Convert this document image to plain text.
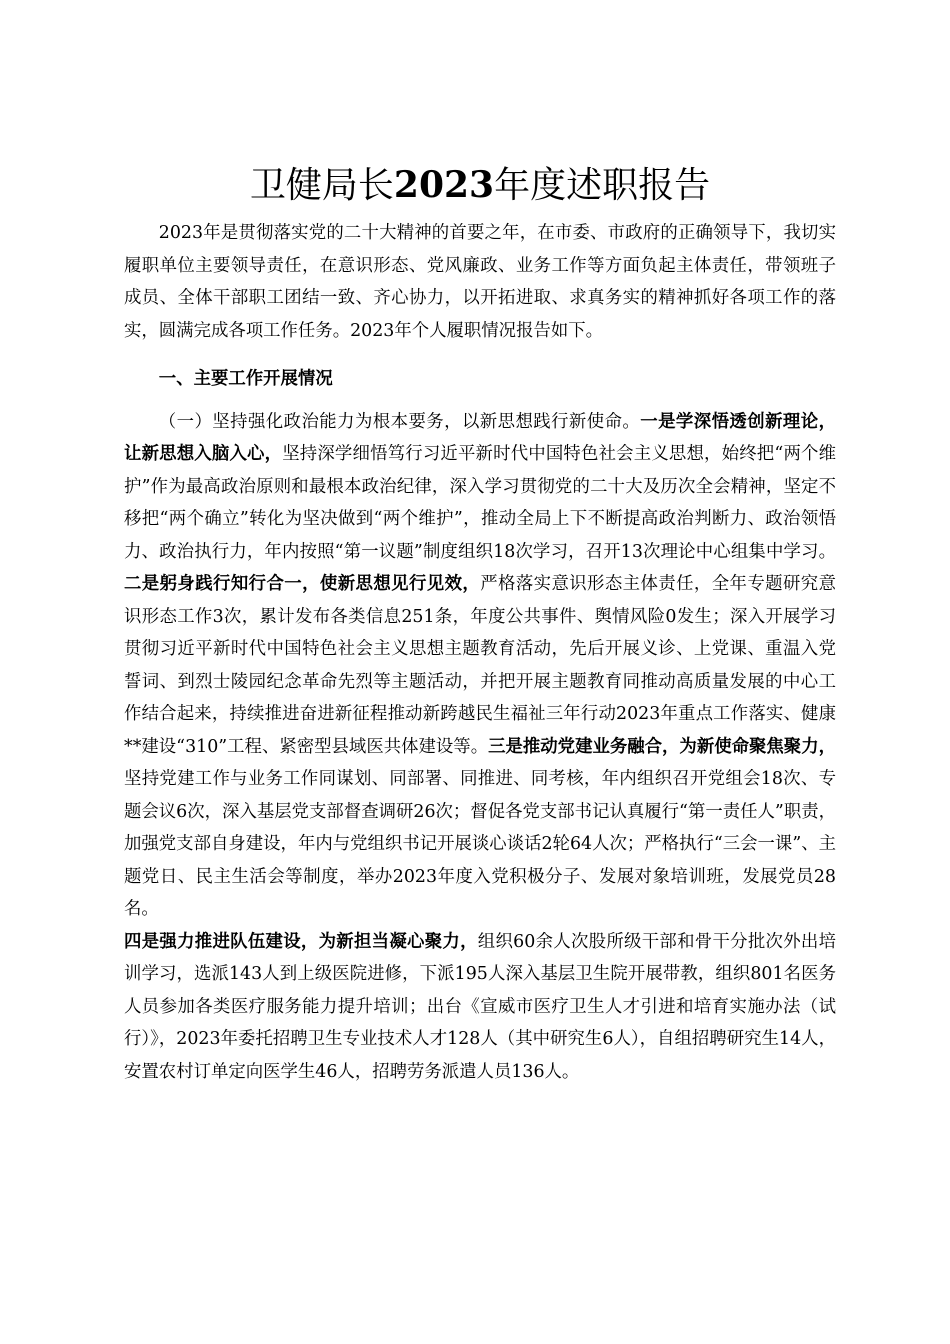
卫健局长2023年度述职报告

2023年是贯彻落实党的二十大精神的首要之年，在市委、市政府的正确领导下，我切实履职单位主要领导责任，在意识形态、党风廉政、业务工作等方面负起主体责任，带领班子成员、全体干部职工团结一致、齐心协力，以开拓进取、求真务实的精神抓好各项工作的落实，圆满完成各项工作任务。2023年个人履职情况报告如下。

一、主要工作开展情况

（一）坚持强化政治能力为根本要务，以新思想践行新使命。一是学深悟透创新理论，让新思想入脑入心，坚持深学细悟笃行习近平新时代中国特色社会主义思想，始终把“两个维护”作为最高政治原则和最根本政治纪律，深入学习贯彻党的二十大及历次全会精神，坚定不移把“两个确立”转化为坚决做到“两个维护”，推动全局上下不断提高政治判断力、政治领悟力、政治执行力，年内按照“第一议题”制度组织18次学习，召开13次理论中心组集中学习。二是躬身践行知行合一，使新思想见行见效，严格落实意识形态主体责任，全年专题研究意识形态工作3次，累计发布各类信息251条，年度公共事件、舆情风险0发生；深入开展学习贯彻习近平新时代中国特色社会主义思想主题教育活动，先后开展义诊、上党课、重温入党誓词、到烈士陵园纪念革命先烈等主题活动，并把开展主题教育同推动高质量发展的中心工作结合起来，持续推进奋进新征程推动新跨越民生福祉三年行动2023年重点工作落实、健康**建设“310”工程、紧密型县域医共体建设等。三是推动党建业务融合，为新使命聚焦聚力，坚持党建工作与业务工作同谋划、同部署、同推进、同考核，年内组织召开党组会18次、专题会议6次，深入基层党支部督查调研26次；督促各党支部书记认真履行“第一责任人”职责，加强党支部自身建设，年内与党组织书记开展谈心谈话2轮64人次；严格执行“三会一课”、主题党日、民主生活会等制度，举办2023年度入党积极分子、发展对象培训班，发展党员28名。

四是强力推进队伍建设，为新担当凝心聚力，组织60余人次股所级干部和骨干分批次外出培训学习，选派143人到上级医院进修，下派195人深入基层卫生院开展带教，组织801名医务人员参加各类医疗服务能力提升培训；出台《宣威市医疗卫生人才引进和培育实施办法（试行）》，2023年委托招聘卫生专业技术人才128人（其中研究生6人），自组招聘研究生14人，安置农村订单定向医学生46人，招聘劳务派遣人员136人。
